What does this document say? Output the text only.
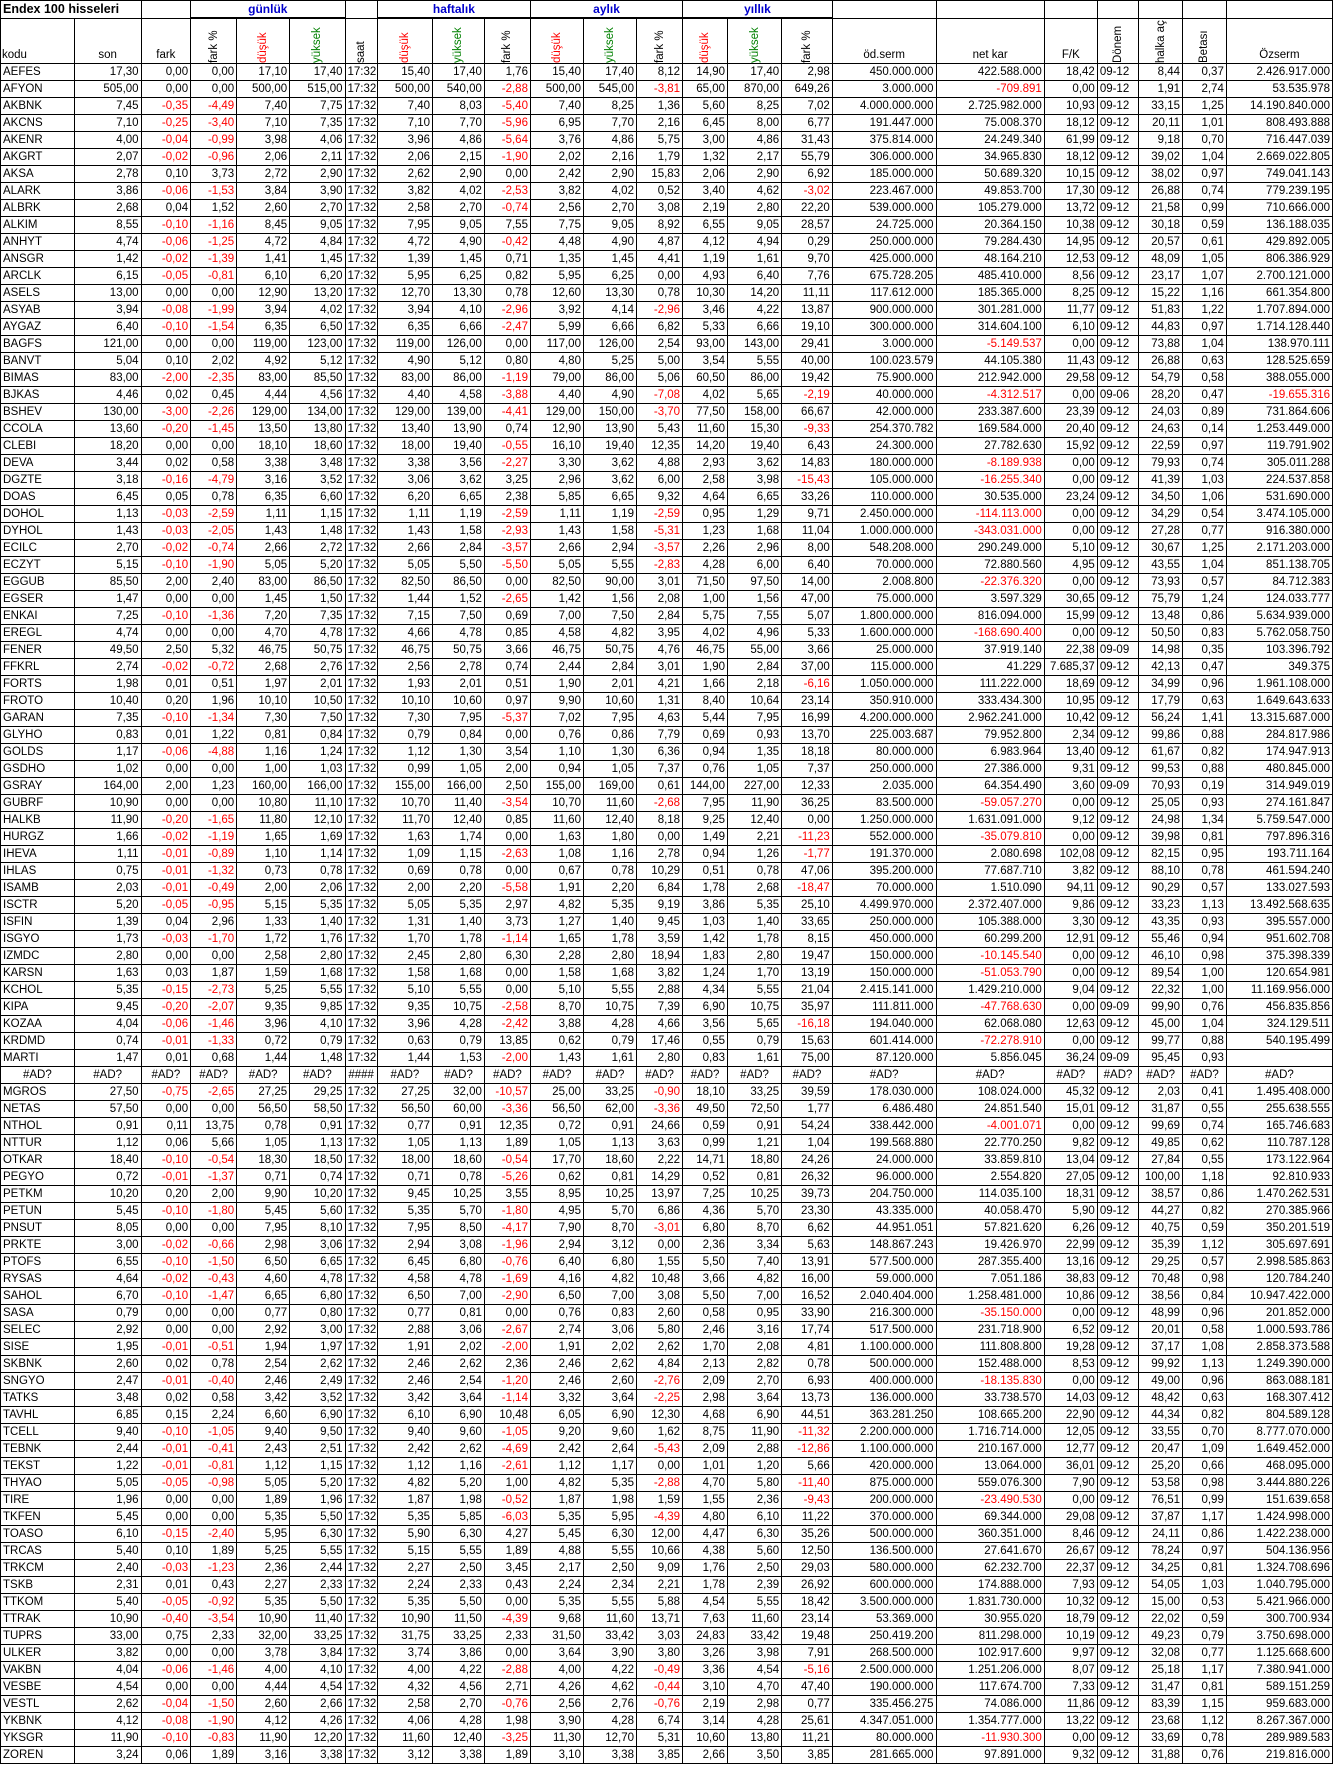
Endex 100 hisseleri			günlük				haftalık			aylık			yıllık									
kodu	son	fark	fark %	düşük	yüksek	saat	düşük	yüksek	fark %	düşük	yüksek	fark %	düşük	yüksek	fark %	öd.serm	net kar	F/K	Dönem	halka aç	Betası	Özserm
AEFES	17,30	0,00	0,00	17,10	17,40	17:32	15,40	17,40	1,76	15,40	17,40	8,12	14,90	17,40	2,98	450.000.000	422.588.000	18,42	09-12	8,44	0,37	2.426.917.000
AFYON	505,00	0,00	0,00	500,00	515,00	17:32	500,00	540,00	-2,88	500,00	545,00	-3,81	65,00	870,00	649,26	3.000.000	-709.891	0,00	09-12	1,91	2,74	53.535.978
AKBNK	7,45	-0,35	-4,49	7,40	7,75	17:32	7,40	8,03	-5,40	7,40	8,25	1,36	5,60	8,25	7,02	4.000.000.000	2.725.982.000	10,93	09-12	33,15	1,25	14.190.840.000
AKCNS	7,10	-0,25	-3,40	7,10	7,35	17:32	7,10	7,70	-5,96	6,95	7,70	2,16	6,45	8,00	6,77	191.447.000	75.008.370	18,12	09-12	20,11	1,01	808.493.888
AKENR	4,00	-0,04	-0,99	3,98	4,06	17:32	3,96	4,86	-5,64	3,76	4,86	5,75	3,00	4,86	31,43	375.814.000	24.249.340	61,99	09-12	9,18	0,70	716.447.039
AKGRT	2,07	-0,02	-0,96	2,06	2,11	17:32	2,06	2,15	-1,90	2,02	2,16	1,79	1,32	2,17	55,79	306.000.000	34.965.830	18,12	09-12	39,02	1,04	2.669.022.805
AKSA	2,78	0,10	3,73	2,72	2,90	17:32	2,62	2,90	0,00	2,42	2,90	15,83	2,06	2,90	6,92	185.000.000	50.689.320	10,15	09-12	38,02	0,97	749.041.143
ALARK	3,86	-0,06	-1,53	3,84	3,90	17:32	3,82	4,02	-2,53	3,82	4,02	0,52	3,40	4,62	-3,02	223.467.000	49.853.700	17,30	09-12	26,88	0,74	779.239.195
ALBRK	2,68	0,04	1,52	2,60	2,70	17:32	2,58	2,70	-0,74	2,56	2,70	3,08	2,19	2,80	22,20	539.000.000	105.279.000	13,72	09-12	21,58	0,99	710.666.000
ALKIM	8,55	-0,10	-1,16	8,45	9,05	17:32	7,95	9,05	7,55	7,75	9,05	8,92	6,55	9,05	28,57	24.725.000	20.364.150	10,38	09-12	30,18	0,59	136.188.035
ANHYT	4,74	-0,06	-1,25	4,72	4,84	17:32	4,72	4,90	-0,42	4,48	4,90	4,87	4,12	4,94	0,29	250.000.000	79.284.430	14,95	09-12	20,57	0,61	429.892.005
ANSGR	1,42	-0,02	-1,39	1,41	1,45	17:32	1,39	1,45	0,71	1,35	1,45	4,41	1,19	1,61	9,70	425.000.000	48.164.210	12,53	09-12	48,09	1,05	806.386.929
ARCLK	6,15	-0,05	-0,81	6,10	6,20	17:32	5,95	6,25	0,82	5,95	6,25	0,00	4,93	6,40	7,76	675.728.205	485.410.000	8,56	09-12	23,17	1,07	2.700.121.000
ASELS	13,00	0,00	0,00	12,90	13,20	17:32	12,70	13,30	0,78	12,60	13,30	0,78	10,30	14,20	11,11	117.612.000	185.365.000	8,25	09-12	15,22	1,16	661.354.800
ASYAB	3,94	-0,08	-1,99	3,94	4,02	17:32	3,94	4,10	-2,96	3,92	4,14	-2,96	3,46	4,22	13,87	900.000.000	301.281.000	11,77	09-12	51,83	1,22	1.707.894.000
AYGAZ	6,40	-0,10	-1,54	6,35	6,50	17:32	6,35	6,66	-2,47	5,99	6,66	6,82	5,33	6,66	19,10	300.000.000	314.604.100	6,10	09-12	44,83	0,97	1.714.128.440
BAGFS	121,00	0,00	0,00	119,00	123,00	17:32	119,00	126,00	0,00	117,00	126,00	2,54	93,00	143,00	29,41	3.000.000	-5.149.537	0,00	09-12	73,88	1,04	138.970.111
BANVT	5,04	0,10	2,02	4,92	5,12	17:32	4,90	5,12	0,80	4,80	5,25	5,00	3,54	5,55	40,00	100.023.579	44.105.380	11,43	09-12	26,88	0,63	128.525.659
BIMAS	83,00	-2,00	-2,35	83,00	85,50	17:32	83,00	86,00	-1,19	79,00	86,00	5,06	60,50	86,00	19,42	75.900.000	212.942.000	29,58	09-12	54,79	0,58	388.055.000
BJKAS	4,46	0,02	0,45	4,44	4,56	17:32	4,40	4,58	-3,88	4,40	4,90	-7,08	4,02	5,65	-2,19	40.000.000	-4.312.517	0,00	09-06	28,20	0,47	-19.655.316
BSHEV	130,00	-3,00	-2,26	129,00	134,00	17:32	129,00	139,00	-4,41	129,00	150,00	-3,70	77,50	158,00	66,67	42.000.000	233.387.600	23,39	09-12	24,03	0,89	731.864.606
CCOLA	13,60	-0,20	-1,45	13,50	13,80	17:32	13,40	13,90	0,74	12,90	13,90	5,43	11,60	15,30	-9,33	254.370.782	169.584.000	20,40	09-12	24,63	0,14	1.253.449.000
CLEBI	18,20	0,00	0,00	18,10	18,60	17:32	18,00	19,40	-0,55	16,10	19,40	12,35	14,20	19,40	6,43	24.300.000	27.782.630	15,92	09-12	22,59	0,97	119.791.902
DEVA	3,44	0,02	0,58	3,38	3,48	17:32	3,38	3,56	-2,27	3,30	3,62	4,88	2,93	3,62	14,83	180.000.000	-8.189.938	0,00	09-12	79,93	0,74	305.011.288
DGZTE	3,18	-0,16	-4,79	3,16	3,52	17:32	3,06	3,62	3,25	2,96	3,62	6,00	2,58	3,98	-15,43	105.000.000	-16.255.340	0,00	09-12	41,39	1,03	224.537.858
DOAS	6,45	0,05	0,78	6,35	6,60	17:32	6,20	6,65	2,38	5,85	6,65	9,32	4,64	6,65	33,26	110.000.000	30.535.000	23,24	09-12	34,50	1,06	531.690.000
DOHOL	1,13	-0,03	-2,59	1,11	1,15	17:32	1,11	1,19	-2,59	1,11	1,19	-2,59	0,95	1,29	9,71	2.450.000.000	-114.113.000	0,00	09-12	34,29	0,54	3.474.105.000
DYHOL	1,43	-0,03	-2,05	1,43	1,48	17:32	1,43	1,58	-2,93	1,43	1,58	-5,31	1,23	1,68	11,04	1.000.000.000	-343.031.000	0,00	09-12	27,28	0,77	916.380.000
ECILC	2,70	-0,02	-0,74	2,66	2,72	17:32	2,66	2,84	-3,57	2,66	2,94	-3,57	2,26	2,96	8,00	548.208.000	290.249.000	5,10	09-12	30,67	1,25	2.171.203.000
ECZYT	5,15	-0,10	-1,90	5,05	5,20	17:32	5,05	5,50	-5,50	5,05	5,55	-2,83	4,28	6,00	6,40	70.000.000	72.880.560	4,95	09-12	43,55	1,04	851.138.705
EGGUB	85,50	2,00	2,40	83,00	86,50	17:32	82,50	86,50	0,00	82,50	90,00	3,01	71,50	97,50	14,00	2.008.800	-22.376.320	0,00	09-12	73,93	0,57	84.712.383
EGSER	1,47	0,00	0,00	1,45	1,50	17:32	1,44	1,52	-2,65	1,42	1,56	2,08	1,00	1,56	47,00	75.000.000	3.597.329	30,65	09-12	75,79	1,24	124.033.777
ENKAI	7,25	-0,10	-1,36	7,20	7,35	17:32	7,15	7,50	0,69	7,00	7,50	2,84	5,75	7,55	5,07	1.800.000.000	816.094.000	15,99	09-12	13,48	0,86	5.634.939.000
EREGL	4,74	0,00	0,00	4,70	4,78	17:32	4,66	4,78	0,85	4,58	4,82	3,95	4,02	4,96	5,33	1.600.000.000	-168.690.400	0,00	09-12	50,50	0,83	5.762.058.750
FENER	49,50	2,50	5,32	46,75	50,75	17:32	46,75	50,75	3,66	46,75	50,75	4,76	46,75	55,00	3,66	25.000.000	37.919.140	22,38	09-09	14,98	0,35	103.396.792
FFKRL	2,74	-0,02	-0,72	2,68	2,76	17:32	2,56	2,78	0,74	2,44	2,84	3,01	1,90	2,84	37,00	115.000.000	41.229	7.685,37	09-12	42,13	0,47	349.375
FORTS	1,98	0,01	0,51	1,97	2,01	17:32	1,93	2,01	0,51	1,90	2,01	4,21	1,66	2,18	-6,16	1.050.000.000	111.222.000	18,69	09-12	34,99	0,96	1.961.108.000
FROTO	10,40	0,20	1,96	10,10	10,50	17:32	10,10	10,60	0,97	9,90	10,60	1,31	8,40	10,64	23,14	350.910.000	333.434.300	10,95	09-12	17,79	0,63	1.649.643.633
GARAN	7,35	-0,10	-1,34	7,30	7,50	17:32	7,30	7,95	-5,37	7,02	7,95	4,63	5,44	7,95	16,99	4.200.000.000	2.962.241.000	10,42	09-12	56,24	1,41	13.315.687.000
GLYHO	0,83	0,01	1,22	0,81	0,84	17:32	0,79	0,84	0,00	0,76	0,86	7,79	0,69	0,93	13,70	225.003.687	79.952.800	2,34	09-12	99,86	0,88	284.817.986
GOLDS	1,17	-0,06	-4,88	1,16	1,24	17:32	1,12	1,30	3,54	1,10	1,30	6,36	0,94	1,35	18,18	80.000.000	6.983.964	13,40	09-12	61,67	0,82	174.947.913
GSDHO	1,02	0,00	0,00	1,00	1,03	17:32	0,99	1,05	2,00	0,94	1,05	7,37	0,76	1,05	7,37	250.000.000	27.386.000	9,31	09-12	99,53	0,88	480.845.000
GSRAY	164,00	2,00	1,23	160,00	166,00	17:32	155,00	166,00	2,50	155,00	169,00	0,61	144,00	227,00	12,33	2.035.000	64.354.490	3,60	09-09	70,93	0,19	314.949.019
GUBRF	10,90	0,00	0,00	10,80	11,10	17:32	10,70	11,40	-3,54	10,70	11,60	-2,68	7,95	11,90	36,25	83.500.000	-59.057.270	0,00	09-12	25,05	0,93	274.161.847
HALKB	11,90	-0,20	-1,65	11,80	12,10	17:32	11,70	12,40	0,85	11,60	12,40	8,18	9,25	12,40	0,00	1.250.000.000	1.631.091.000	9,12	09-12	24,98	1,34	5.759.547.000
HURGZ	1,66	-0,02	-1,19	1,65	1,69	17:32	1,63	1,74	0,00	1,63	1,80	0,00	1,49	2,21	-11,23	552.000.000	-35.079.810	0,00	09-12	39,98	0,81	797.896.316
IHEVA	1,11	-0,01	-0,89	1,10	1,14	17:32	1,09	1,15	-2,63	1,08	1,16	2,78	0,94	1,26	-1,77	191.370.000	2.080.698	102,08	09-12	82,15	0,95	193.711.164
IHLAS	0,75	-0,01	-1,32	0,73	0,78	17:32	0,69	0,78	0,00	0,67	0,78	10,29	0,51	0,78	47,06	395.200.000	77.687.710	3,82	09-12	88,10	0,78	461.594.240
ISAMB	2,03	-0,01	-0,49	2,00	2,06	17:32	2,00	2,20	-5,58	1,91	2,20	6,84	1,78	2,68	-18,47	70.000.000	1.510.090	94,11	09-12	90,29	0,57	133.027.593
ISCTR	5,20	-0,05	-0,95	5,15	5,35	17:32	5,05	5,35	2,97	4,82	5,35	9,19	3,86	5,35	25,10	4.499.970.000	2.372.407.000	9,86	09-12	33,23	1,13	13.492.568.635
ISFIN	1,39	0,04	2,96	1,33	1,40	17:32	1,31	1,40	3,73	1,27	1,40	9,45	1,03	1,40	33,65	250.000.000	105.388.000	3,30	09-12	43,35	0,93	395.557.000
ISGYO	1,73	-0,03	-1,70	1,72	1,76	17:32	1,70	1,78	-1,14	1,65	1,78	3,59	1,42	1,78	8,15	450.000.000	60.299.200	12,91	09-12	55,46	0,94	951.602.708
IZMDC	2,80	0,00	0,00	2,58	2,80	17:32	2,45	2,80	6,30	2,28	2,80	18,94	1,83	2,80	19,47	150.000.000	-10.145.540	0,00	09-12	46,10	0,98	375.398.339
KARSN	1,63	0,03	1,87	1,59	1,68	17:32	1,58	1,68	0,00	1,58	1,68	3,82	1,24	1,70	13,19	150.000.000	-51.053.790	0,00	09-12	89,54	1,00	120.654.981
KCHOL	5,35	-0,15	-2,73	5,25	5,55	17:32	5,10	5,55	0,00	5,10	5,55	2,88	4,34	5,55	21,04	2.415.141.000	1.429.210.000	9,04	09-12	22,32	1,00	11.169.956.000
KIPA	9,45	-0,20	-2,07	9,35	9,85	17:32	9,35	10,75	-2,58	8,70	10,75	7,39	6,90	10,75	35,97	111.811.000	-47.768.630	0,00	09-09	99,90	0,76	456.835.856
KOZAA	4,04	-0,06	-1,46	3,96	4,10	17:32	3,96	4,28	-2,42	3,88	4,28	4,66	3,56	5,65	-16,18	194.040.000	62.068.080	12,63	09-12	45,00	1,04	324.129.511
KRDMD	0,74	-0,01	-1,33	0,72	0,79	17:32	0,63	0,79	13,85	0,62	0,79	17,46	0,55	0,79	15,63	601.414.000	-72.278.910	0,00	09-12	99,77	0,88	540.195.499
MARTI	1,47	0,01	0,68	1,44	1,48	17:32	1,44	1,53	-2,00	1,43	1,61	2,80	0,83	1,61	75,00	87.120.000	5.856.045	36,24	09-09	95,45	0,93	
#AD?	#AD?	#AD?	#AD?	#AD?	#AD?	####	#AD?	#AD?	#AD?	#AD?	#AD?	#AD?	#AD?	#AD?	#AD?	#AD?	#AD?	#AD?	#AD?	#AD?	#AD?	#AD?
MGROS	27,50	-0,75	-2,65	27,25	29,25	17:32	27,25	32,00	-10,57	25,00	33,25	-0,90	18,10	33,25	39,59	178.030.000	108.024.000	45,32	09-12	2,03	0,41	1.495.408.000
NETAS	57,50	0,00	0,00	56,50	58,50	17:32	56,50	60,00	-3,36	56,50	62,00	-3,36	49,50	72,50	1,77	6.486.480	24.851.540	15,01	09-12	31,87	0,55	255.638.555
NTHOL	0,91	0,11	13,75	0,78	0,91	17:32	0,77	0,91	12,35	0,72	0,91	24,66	0,59	0,91	54,24	338.442.000	-4.001.071	0,00	09-12	99,69	0,74	165.746.683
NTTUR	1,12	0,06	5,66	1,05	1,13	17:32	1,05	1,13	1,89	1,05	1,13	3,63	0,99	1,21	1,04	199.568.880	22.770.250	9,82	09-12	49,85	0,62	110.787.128
OTKAR	18,40	-0,10	-0,54	18,30	18,50	17:32	18,00	18,60	-0,54	17,70	18,60	2,22	14,71	18,80	24,26	24.000.000	33.859.810	13,04	09-12	27,84	0,55	173.122.964
PEGYO	0,72	-0,01	-1,37	0,71	0,74	17:32	0,71	0,78	-5,26	0,62	0,81	14,29	0,52	0,81	26,32	96.000.000	2.554.820	27,05	09-12	100,00	1,18	92.810.933
PETKM	10,20	0,20	2,00	9,90	10,20	17:32	9,45	10,25	3,55	8,95	10,25	13,97	7,25	10,25	39,73	204.750.000	114.035.100	18,31	09-12	38,57	0,86	1.470.262.531
PETUN	5,45	-0,10	-1,80	5,45	5,60	17:32	5,35	5,70	-1,80	4,95	5,70	6,86	4,36	5,70	23,30	43.335.000	40.058.470	5,90	09-12	44,27	0,82	270.385.966
PNSUT	8,05	0,00	0,00	7,95	8,10	17:32	7,95	8,50	-4,17	7,90	8,70	-3,01	6,80	8,70	6,62	44.951.051	57.821.620	6,26	09-12	40,75	0,59	350.201.519
PRKTE	3,00	-0,02	-0,66	2,98	3,06	17:32	2,94	3,08	-1,96	2,94	3,12	0,00	2,36	3,34	5,63	148.867.243	19.426.970	22,99	09-12	35,39	1,12	305.697.691
PTOFS	6,55	-0,10	-1,50	6,50	6,65	17:32	6,45	6,80	-0,76	6,40	6,80	1,55	5,50	7,40	13,91	577.500.000	287.355.400	13,16	09-12	29,25	0,57	2.998.585.863
RYSAS	4,64	-0,02	-0,43	4,60	4,78	17:32	4,58	4,78	-1,69	4,16	4,82	10,48	3,66	4,82	16,00	59.000.000	7.051.186	38,83	09-12	70,48	0,98	120.784.240
SAHOL	6,70	-0,10	-1,47	6,65	6,80	17:32	6,50	7,00	-2,90	6,50	7,00	3,08	5,50	7,00	16,52	2.040.404.000	1.258.481.000	10,86	09-12	38,56	0,84	10.947.422.000
SASA	0,79	0,00	0,00	0,77	0,80	17:32	0,77	0,81	0,00	0,76	0,83	2,60	0,58	0,95	33,90	216.300.000	-35.150.000	0,00	09-12	48,99	0,96	201.852.000
SELEC	2,92	0,00	0,00	2,92	3,00	17:32	2,88	3,06	-2,67	2,74	3,06	5,80	2,46	3,16	17,74	517.500.000	231.718.900	6,52	09-12	20,01	0,58	1.000.593.786
SISE	1,95	-0,01	-0,51	1,94	1,97	17:32	1,91	2,02	-2,00	1,91	2,02	2,62	1,70	2,08	4,81	1.100.000.000	111.808.800	19,28	09-12	37,17	1,08	2.858.373.588
SKBNK	2,60	0,02	0,78	2,54	2,62	17:32	2,46	2,62	2,36	2,46	2,62	4,84	2,13	2,82	0,78	500.000.000	152.488.000	8,53	09-12	99,92	1,13	1.249.390.000
SNGYO	2,47	-0,01	-0,40	2,46	2,49	17:32	2,46	2,54	-1,20	2,46	2,60	-2,76	2,09	2,70	6,93	400.000.000	-18.135.830	0,00	09-12	49,00	0,96	863.088.181
TATKS	3,48	0,02	0,58	3,42	3,52	17:32	3,42	3,64	-1,14	3,32	3,64	-2,25	2,98	3,64	13,73	136.000.000	33.738.570	14,03	09-12	48,42	0,63	168.307.412
TAVHL	6,85	0,15	2,24	6,60	6,90	17:32	6,10	6,90	10,48	6,05	6,90	12,30	4,68	6,90	44,51	363.281.250	108.665.200	22,90	09-12	44,34	0,82	804.589.128
TCELL	9,40	-0,10	-1,05	9,40	9,50	17:32	9,40	9,60	-1,05	9,20	9,60	1,62	8,75	11,90	-11,32	2.200.000.000	1.716.714.000	12,05	09-12	33,55	0,70	8.777.070.000
TEBNK	2,44	-0,01	-0,41	2,43	2,51	17:32	2,42	2,62	-4,69	2,42	2,64	-5,43	2,09	2,88	-12,86	1.100.000.000	210.167.000	12,77	09-12	20,47	1,09	1.649.452.000
TEKST	1,22	-0,01	-0,81	1,12	1,15	17:32	1,12	1,16	-2,61	1,12	1,17	0,00	1,01	1,20	5,66	420.000.000	13.064.000	36,01	09-12	25,20	0,66	468.095.000
THYAO	5,05	-0,05	-0,98	5,05	5,20	17:32	4,82	5,20	1,00	4,82	5,35	-2,88	4,70	5,80	-11,40	875.000.000	559.076.300	7,90	09-12	53,58	0,98	3.444.880.226
TIRE	1,96	0,00	0,00	1,89	1,96	17:32	1,87	1,98	-0,52	1,87	1,98	1,59	1,55	2,36	-9,43	200.000.000	-23.490.530	0,00	09-12	76,51	0,99	151.639.658
TKFEN	5,45	0,00	0,00	5,35	5,50	17:32	5,35	5,85	-6,03	5,35	5,95	-4,39	4,80	6,10	11,22	370.000.000	69.344.000	29,08	09-12	37,87	1,17	1.424.998.000
TOASO	6,10	-0,15	-2,40	5,95	6,30	17:32	5,90	6,30	4,27	5,45	6,30	12,00	4,47	6,30	35,26	500.000.000	360.351.000	8,46	09-12	24,11	0,86	1.422.238.000
TRCAS	5,40	0,10	1,89	5,25	5,55	17:32	5,15	5,55	1,89	4,88	5,55	10,66	4,38	5,60	12,50	136.500.000	27.641.670	26,67	09-12	78,24	0,97	504.136.956
TRKCM	2,40	-0,03	-1,23	2,36	2,44	17:32	2,27	2,50	3,45	2,17	2,50	9,09	1,76	2,50	29,03	580.000.000	62.232.700	22,37	09-12	34,25	0,81	1.324.708.696
TSKB	2,31	0,01	0,43	2,27	2,33	17:32	2,24	2,33	0,43	2,24	2,34	2,21	1,78	2,39	26,92	600.000.000	174.888.000	7,93	09-12	54,05	1,03	1.040.795.000
TTKOM	5,40	-0,05	-0,92	5,35	5,50	17:32	5,35	5,50	0,00	5,35	5,55	5,88	4,54	5,55	18,42	3.500.000.000	1.831.730.000	10,32	09-12	15,00	0,53	5.421.966.000
TTRAK	10,90	-0,40	-3,54	10,90	11,40	17:32	10,90	11,50	-4,39	9,68	11,60	13,71	7,63	11,60	23,14	53.369.000	30.955.020	18,79	09-12	22,02	0,59	300.700.934
TUPRS	33,00	0,75	2,33	32,00	33,25	17:32	31,75	33,25	2,33	31,50	33,42	3,03	24,83	33,42	19,48	250.419.200	811.298.000	10,19	09-12	49,23	0,79	3.750.698.000
ULKER	3,82	0,00	0,00	3,78	3,84	17:32	3,74	3,86	0,00	3,64	3,90	3,80	3,26	3,98	7,91	268.500.000	102.917.600	9,97	09-12	32,08	0,77	1.125.668.600
VAKBN	4,04	-0,06	-1,46	4,00	4,10	17:32	4,00	4,22	-2,88	4,00	4,22	-0,49	3,36	4,54	-5,16	2.500.000.000	1.251.206.000	8,07	09-12	25,18	1,17	7.380.941.000
VESBE	4,54	0,00	0,00	4,44	4,54	17:32	4,32	4,56	2,71	4,26	4,62	-0,44	3,10	4,70	47,40	190.000.000	117.674.700	7,33	09-12	31,47	0,81	589.151.259
VESTL	2,62	-0,04	-1,50	2,60	2,66	17:32	2,58	2,70	-0,76	2,56	2,76	-0,76	2,19	2,98	0,77	335.456.275	74.086.000	11,86	09-12	83,39	1,15	959.683.000
YKBNK	4,12	-0,08	-1,90	4,12	4,26	17:32	4,06	4,28	1,98	3,90	4,28	6,74	3,14	4,28	25,61	4.347.051.000	1.354.777.000	13,22	09-12	23,68	1,12	8.267.367.000
YKSGR	11,90	-0,10	-0,83	11,90	12,20	17:32	11,60	12,40	-3,25	11,30	12,70	5,31	10,60	13,80	11,21	80.000.000	-11.930.300	0,00	09-12	33,69	0,78	289.989.583
ZOREN	3,24	0,06	1,89	3,16	3,38	17:32	3,12	3,38	1,89	3,10	3,38	3,85	2,66	3,50	3,85	281.665.000	97.891.000	9,32	09-12	31,88	0,76	219.816.000
